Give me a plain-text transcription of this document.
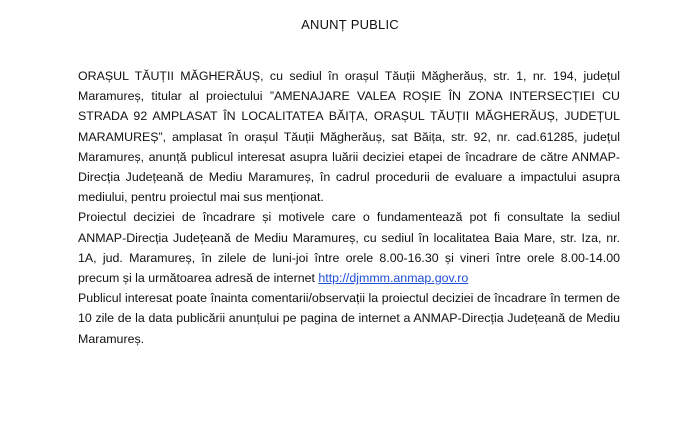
ANUNȚ PUBLIC

ORAȘUL TĂUȚII MĂGHERĂUȘ, cu sediul în orașul Tăuții Măgherăuș, str. 1, nr. 194, județul Maramureș, titular al proiectului ”AMENAJARE VALEA ROȘIE ÎN ZONA INTERSECȚIEI CU STRADA 92 AMPLASAT ÎN LOCALITATEA BĂIȚA, ORAȘUL TĂUȚII MĂGHERĂUȘ, JUDEȚUL MARAMUREȘ”, amplasat în orașul Tăuții Măgherăuș, sat Băița, str. 92, nr. cad.61285, județul Maramureș, anunță publicul interesat asupra luării deciziei etapei de încadrare de către ANMAP-Direcția Județeană de Mediu Maramureș, în cadrul procedurii de evaluare a impactului asupra mediului, pentru proiectul mai sus menționat.

Proiectul deciziei de încadrare și motivele care o fundamentează pot fi consultate la sediul ANMAP-Direcția Județeană de Mediu Maramureș, cu sediul în localitatea Baia Mare, str. Iza, nr. 1A, jud. Maramureș, în zilele de luni-joi între orele 8.00-16.30 și vineri între orele 8.00-14.00 precum și la următoarea adresă de internet http://djmmm.anmap.gov.ro

Publicul interesat poate înainta comentarii/observații la proiectul deciziei de încadrare în termen de 10 zile de la data publicării anunțului pe pagina de internet a ANMAP-Direcția Județeană de Mediu Maramureș.
